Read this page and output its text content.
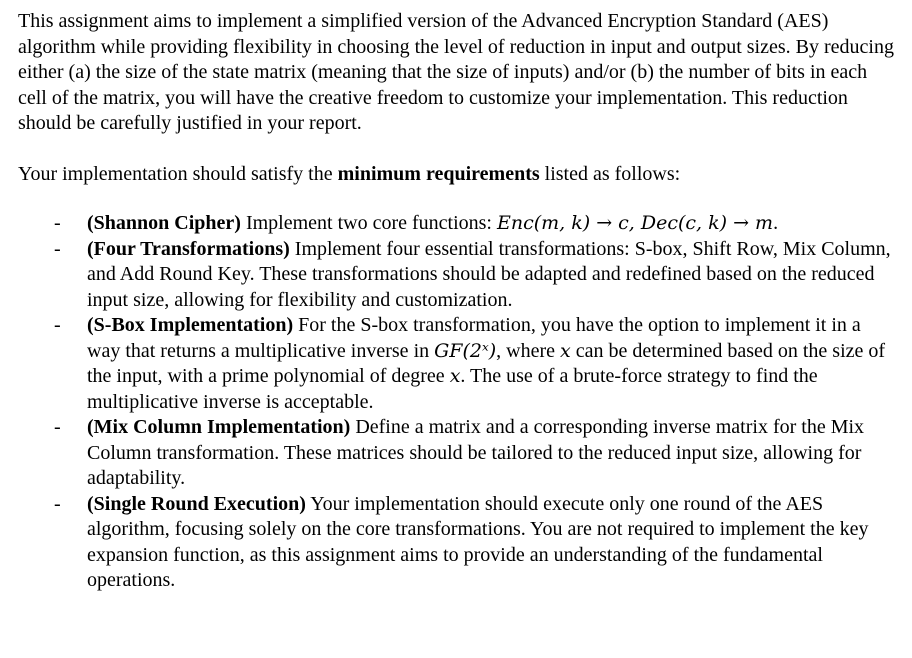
This assignment aims to implement a simplified version of the Advanced Encryption Standard (AES) algorithm while providing flexibility in choosing the level of reduction in input and output sizes. By reducing either (a) the size of the state matrix (meaning that the size of inputs) and/or (b) the number of bits in each cell of the matrix, you will have the creative freedom to customize your implementation. This reduction should be carefully justified in your report.

Your implementation should satisfy the minimum requirements listed as follows:

- (Shannon Cipher) Implement two core functions: Enc(m, k) → c, Dec(c, k) → m.
- (Four Transformations) Implement four essential transformations: S-box, Shift Row, Mix Column, and Add Round Key. These transformations should be adapted and redefined based on the reduced input size, allowing for flexibility and customization.
- (S-Box Implementation) For the S-box transformation, you have the option to implement it in a way that returns a multiplicative inverse in GF(2ˣ), where x can be determined based on the size of the input, with a prime polynomial of degree x. The use of a brute-force strategy to find the multiplicative inverse is acceptable.
- (Mix Column Implementation) Define a matrix and a corresponding inverse matrix for the Mix Column transformation. These matrices should be tailored to the reduced input size, allowing for adaptability.
- (Single Round Execution) Your implementation should execute only one round of the AES algorithm, focusing solely on the core transformations. You are not required to implement the key expansion function, as this assignment aims to provide an understanding of the fundamental operations.
